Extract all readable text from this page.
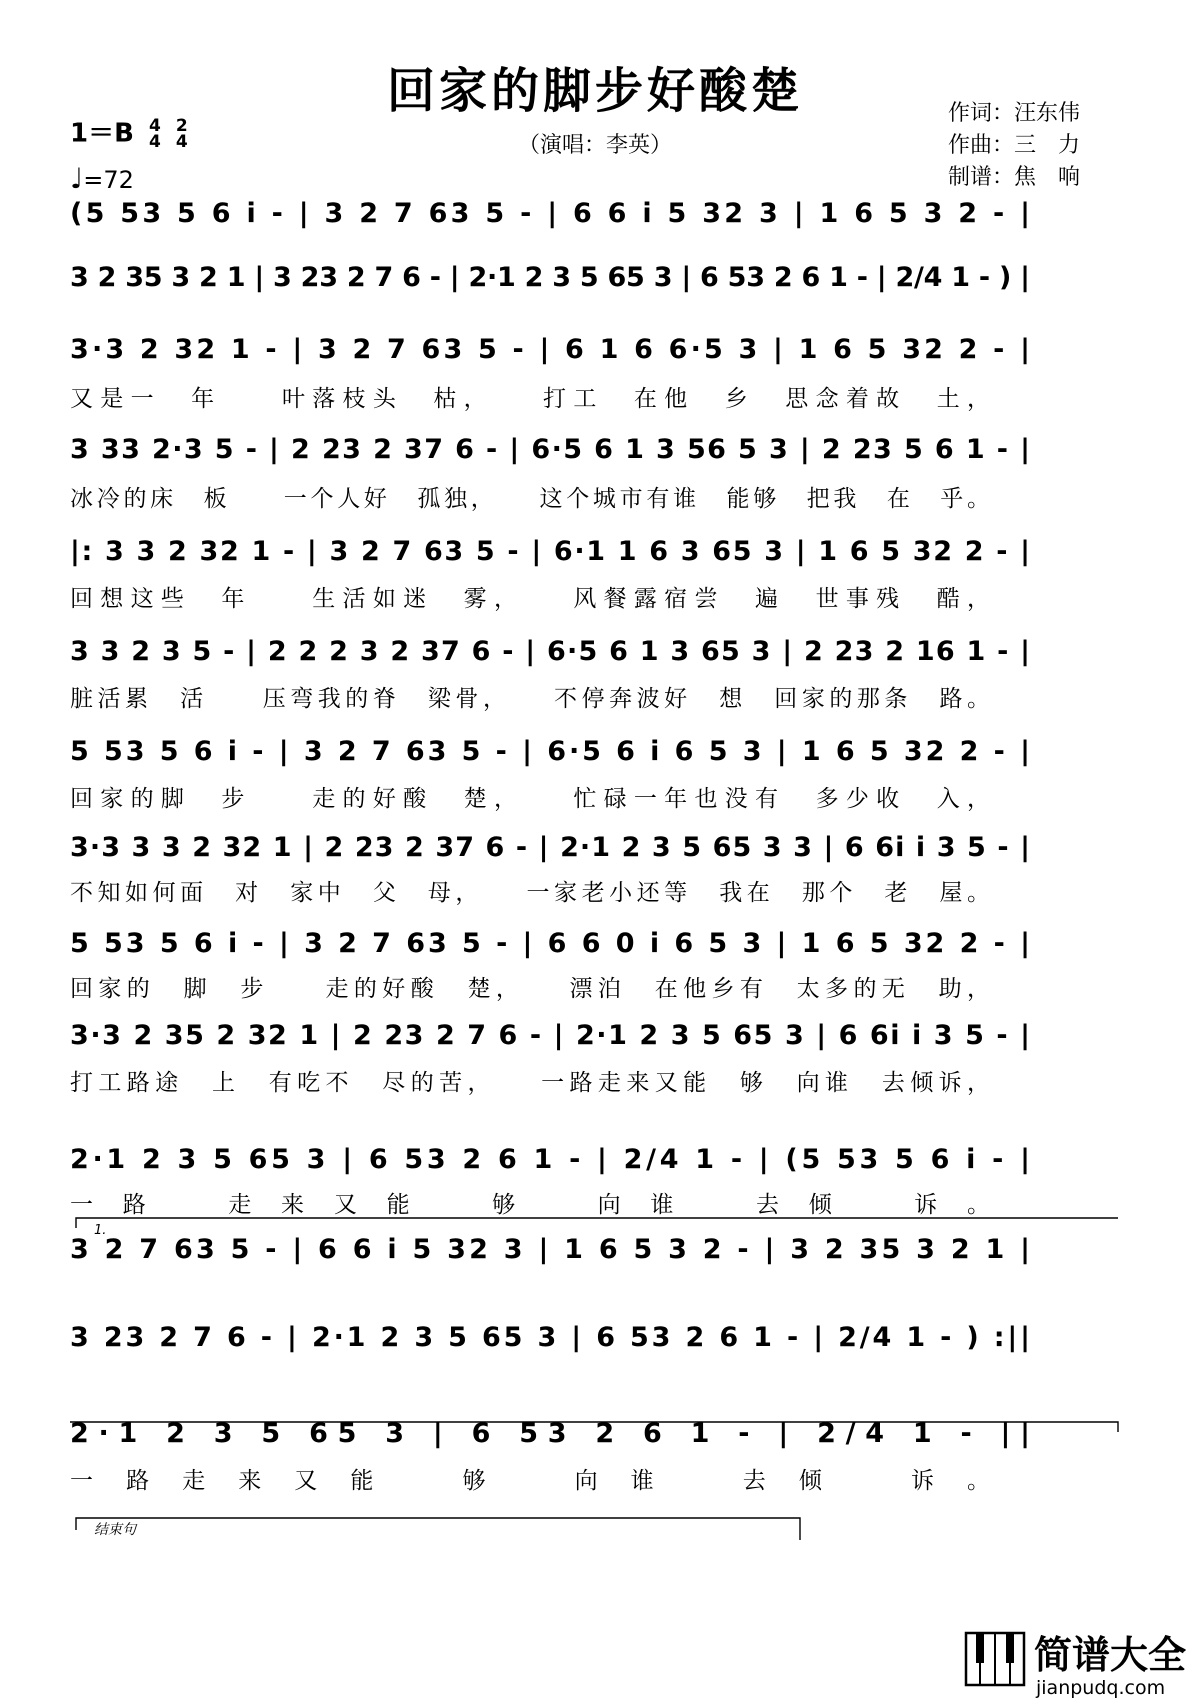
回家的脚步好酸楚
（演唱：李英）
作词：汪东伟
作曲：三　力
制谱：焦　响
1＝B 4
4 2
4
♩=72
1.
结束句
(5 53 5 6 i - | 3 2 7 63 5 - | 6 6 i 5 32 3 | 1 6 5 3 2 - |
3 2 35 3 2 1 | 3 23 2 7 6 - | 2·1 2 3 5 65 3 | 6 53 2 6 1 - | 2/4 1 - ) |
3·3 2 32 1 - | 3 2 7 63 5 - | 6 1 6 6·5 3 | 1 6 5 32 2 - |
又是一　年　　叶落枝头　枯，　　打工　在他　乡　思念着故　土，
3 33 2·3 5 - | 2 23 2 37 6 - | 6·5 6 1 3 56 5 3 | 2 23 5 6 1 - |
冰冷的床　板　　一个人好　孤独，　　这个城市有谁　能够　把我　在　乎。
|: 3 3 2 32 1 - | 3 2 7 63 5 - | 6·1 1 6 3 65 3 | 1 6 5 32 2 - |
回想这些　年　　生活如迷　雾，　　风餐露宿尝　遍　世事残　酷，
3 3 2 3 5 - | 2 2 2 3 2 37 6 - | 6·5 6 1 3 65 3 | 2 23 2 16 1 - |
脏活累　活　　压弯我的脊　梁骨，　　不停奔波好　想　回家的那条　路。
5 53 5 6 i - | 3 2 7 63 5 - | 6·5 6 i 6 5 3 | 1 6 5 32 2 - |
回家的脚　步　　走的好酸　楚，　　忙碌一年也没有　多少收　入，
3·3 3 3 2 32 1 | 2 23 2 37 6 - | 2·1 2 3 5 65 3 3 | 6 6i i 3 5 - |
不知如何面　对　家中　父　母，　　一家老小还等　我在　那个　老　屋。
5 53 5 6 i - | 3 2 7 63 5 - | 6 6 0 i 6 5 3 | 1 6 5 32 2 - |
回家的　脚　步　　走的好酸　楚，　　漂泊　在他乡有　太多的无　助，
3·3 2 35 2 32 1 | 2 23 2 7 6 - | 2·1 2 3 5 65 3 | 6 6i i 3 5 - |
打工路途　上　有吃不　尽的苦，　　一路走来又能　够　向谁　去倾诉，
2·1 2 3 5 65 3 | 6 53 2 6 1 - | 2/4 1 - | (5 53 5 6 i - |
一路　走来又能　够　向谁　去倾　诉。
3 2 7 63 5 - | 6 6 i 5 32 3 | 1 6 5 3 2 - | 3 2 35 3 2 1 |
3 23 2 7 6 - | 2·1 2 3 5 65 3 | 6 53 2 6 1 - | 2/4 1 - ) :||
2·1 2 3 5 65 3 | 6 53 2 6 1 - | 2/4 1 - ||
一路走来又能　够　向谁　去倾　诉。
简谱大全
jianpudq.com
